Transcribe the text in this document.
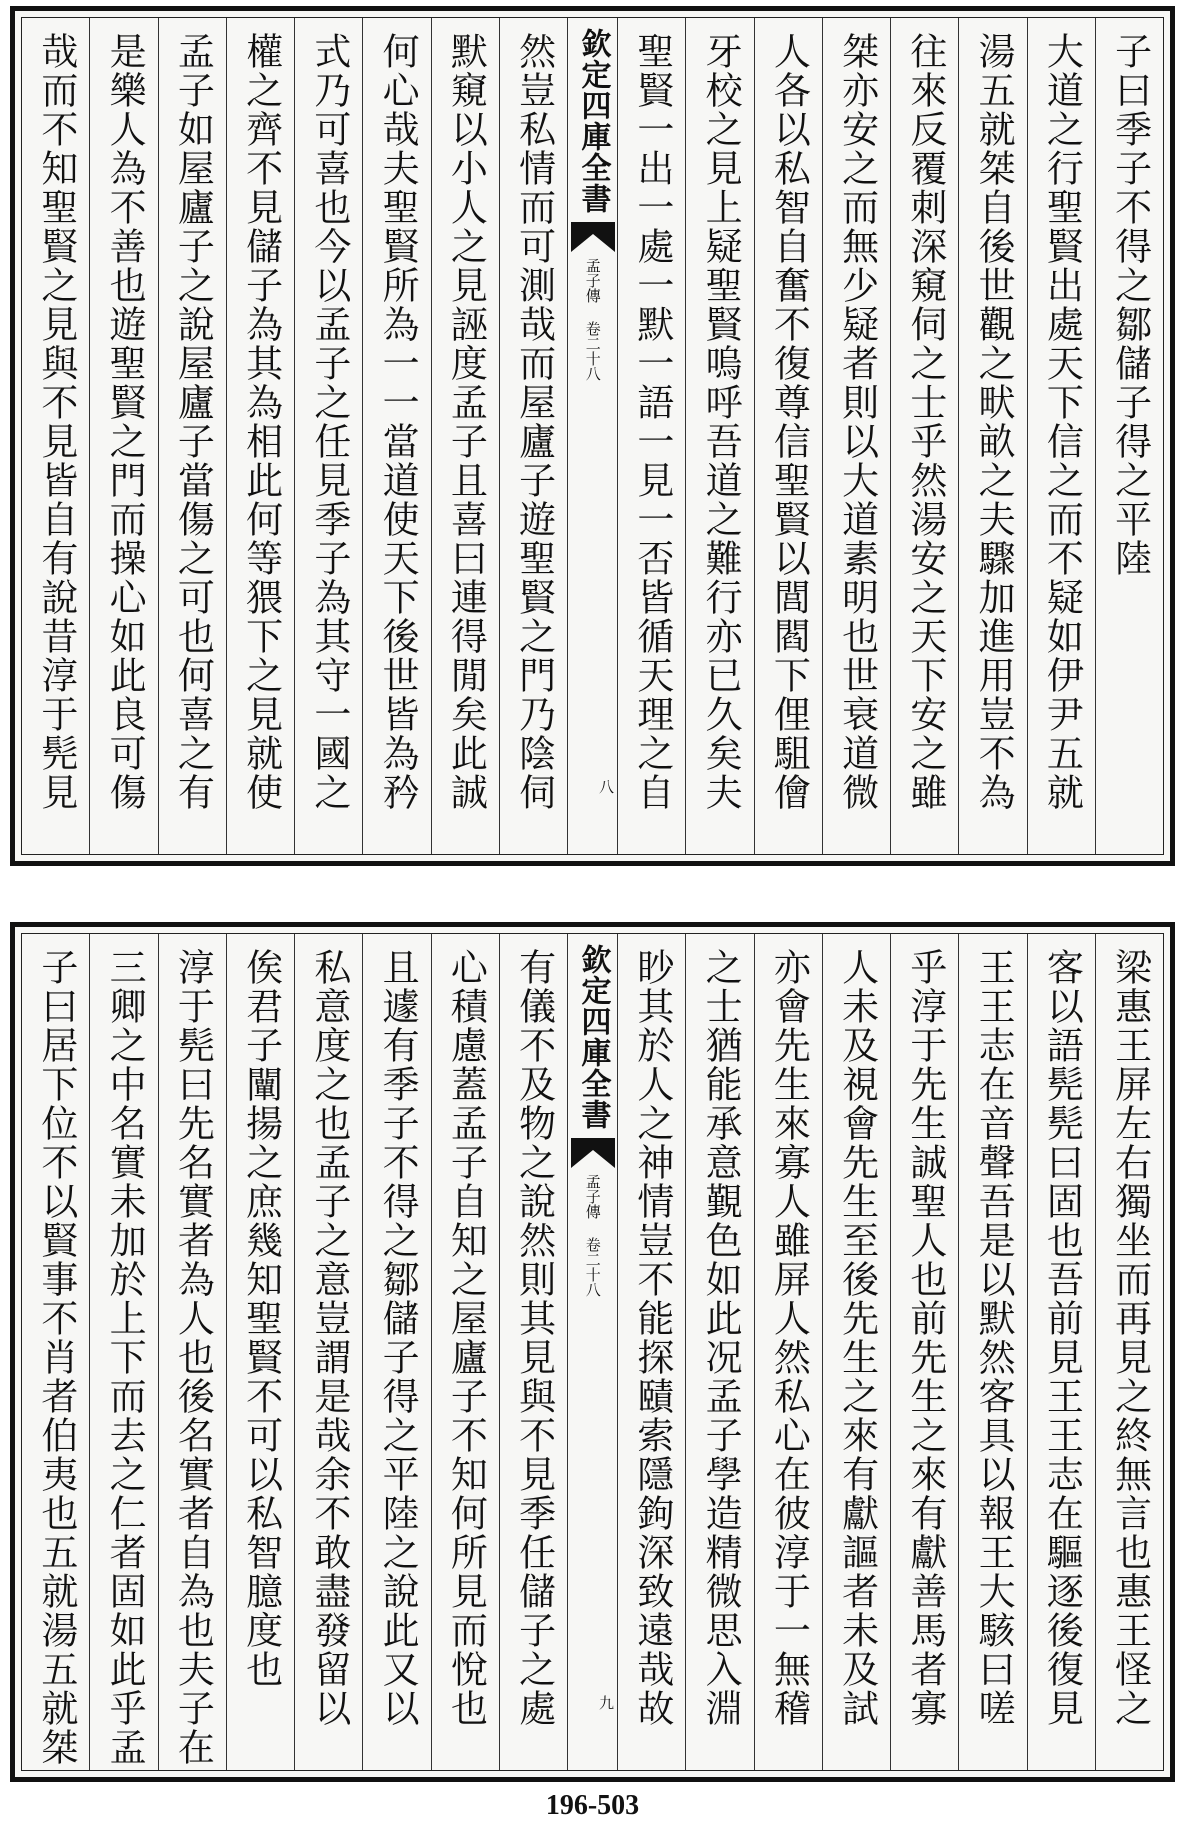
子曰季子不得之鄒儲子得之平陸
大道之行聖賢出處天下信之而不疑如伊尹五就
湯五就桀自後世觀之畎畝之夫驟加進用豈不為
往來反覆刺深窺伺之士乎然湯安之天下安之雖
桀亦安之而無少疑者則以大道素明也世衰道微
人各以私智自奮不復尊信聖賢以閭閻下俚駔儈
牙校之見上疑聖賢嗚呼吾道之難行亦已久矣夫
聖賢一出一處一默一語一見一否皆循天理之自
欽定四庫全書
孟子傳 卷二十八
八
然豈私情而可測哉而屋廬子遊聖賢之門乃陰伺
默窺以小人之見誣度孟子且喜曰連得閒矣此誠
何心哉夫聖賢所為一一當道使天下後世皆為矜
式乃可喜也今以孟子之任見季子為其守一國之
權之齊不見儲子為其為相此何等猥下之見就使
孟子如屋廬子之說屋廬子當傷之可也何喜之有
是樂人為不善也遊聖賢之門而操心如此良可傷
哉而不知聖賢之見與不見皆自有說昔淳于髡見
梁惠王屏左右獨坐而再見之終無言也惠王怪之
客以語髡髡曰固也吾前見王王志在驅逐後復見
王王志在音聲吾是以默然客具以報王大駭曰嗟
乎淳于先生誠聖人也前先生之來有獻善馬者寡
人未及視會先生至後先生之來有獻謳者未及試
亦會先生來寡人雖屏人然私心在彼淳于一無稽
之士猶能承意覲色如此况孟子學造精微思入淵
眇其於人之神情豈不能探賾索隱鉤深致遠哉故
欽定四庫全書
孟子傳 卷二十八
九
有儀不及物之說然則其見與不見季任儲子之處
心積慮蓋孟子自知之屋廬子不知何所見而悅也
且遽有季子不得之鄒儲子得之平陸之說此又以
私意度之也孟子之意豈謂是哉余不敢盡發留以
俟君子闡揚之庶幾知聖賢不可以私智臆度也
淳于髡曰先名實者為人也後名實者自為也夫子在
三卿之中名實未加於上下而去之仁者固如此乎孟
子曰居下位不以賢事不肖者伯夷也五就湯五就桀
196-503
